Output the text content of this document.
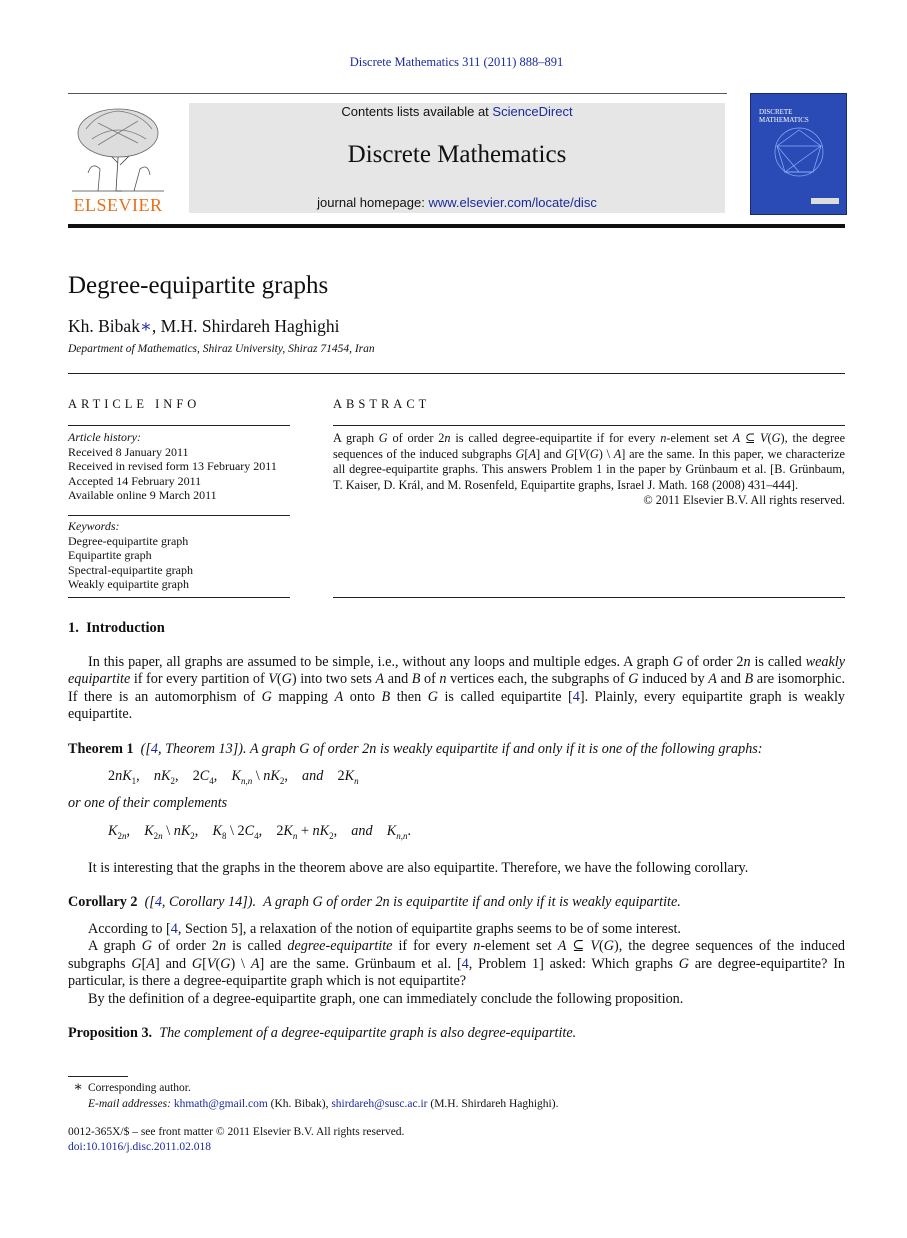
Discrete Mathematics 311 (2011) 888–891
ELSEVIER
Contents lists available at ScienceDirect
Discrete Mathematics
journal homepage: www.elsevier.com/locate/disc
DISCRETE
MATHEMATICS
Degree-equipartite graphs
Kh. Bibak∗, M.H. Shirdareh Haghighi
Department of Mathematics, Shiraz University, Shiraz 71454, Iran
ARTICLE INFO
Article history:
Received 8 January 2011
Received in revised form 13 February 2011
Accepted 14 February 2011
Available online 9 March 2011
Keywords:
Degree-equipartite graph
Equipartite graph
Spectral-equipartite graph
Weakly equipartite graph
ABSTRACT
A graph G of order 2n is called degree-equipartite if for every n-element set A ⊆ V(G), the degree sequences of the induced subgraphs G[A] and G[V(G) \ A] are the same. In this paper, we characterize all degree-equipartite graphs. This answers Problem 1 in the paper by Grünbaum et al. [B. Grünbaum, T. Kaiser, D. Král, and M. Rosenfeld, Equipartite graphs, Israel J. Math. 168 (2008) 431–444].
© 2011 Elsevier B.V. All rights reserved.
1.  Introduction
In this paper, all graphs are assumed to be simple, i.e., without any loops and multiple edges. A graph G of order 2n is called weakly equipartite if for every partition of V(G) into two sets A and B of n vertices each, the subgraphs of G induced by A and B are isomorphic. If there is an automorphism of G mapping A onto B then G is called equipartite [4]. Plainly, every equipartite graph is weakly equipartite.
Theorem 1  ([4, Theorem 13]). A graph G of order 2n is weakly equipartite if and only if it is one of the following graphs:
$2nK_1$,    $nK_2$,    $2C_4$,    $K_{n,n}$ \ $nK_2$,    and    $2K_n$
or one of their complements
$K_{2n}$,    $K_{2n}$ \ $nK_2$,    $K_8$ \ $2C_4$,    $2K_n + nK_2$,    and $K_{n,n}$.
It is interesting that the graphs in the theorem above are also equipartite. Therefore, we have the following corollary.
Corollary 2  ([4, Corollary 14]).  A graph G of order 2n is equipartite if and only if it is weakly equipartite.
According to [4, Section 5], a relaxation of the notion of equipartite graphs seems to be of some interest.
A graph G of order 2n is called degree-equipartite if for every n-element set A ⊆ V(G), the degree sequences of the induced subgraphs G[A] and G[V(G) \ A] are the same. Grünbaum et al. [4, Problem 1] asked: Which graphs G are degree-equipartite? In particular, is there a degree-equipartite graph which is not equipartite?
By the definition of a degree-equipartite graph, one can immediately conclude the following proposition.
Proposition 3. The complement of a degree-equipartite graph is also degree-equipartite.
∗ Corresponding author.
E-mail addresses: khmath@gmail.com (Kh. Bibak), shirdareh@susc.ac.ir (M.H. Shirdareh Haghighi).
0012-365X/$ – see front matter © 2011 Elsevier B.V. All rights reserved.
doi:10.1016/j.disc.2011.02.018
